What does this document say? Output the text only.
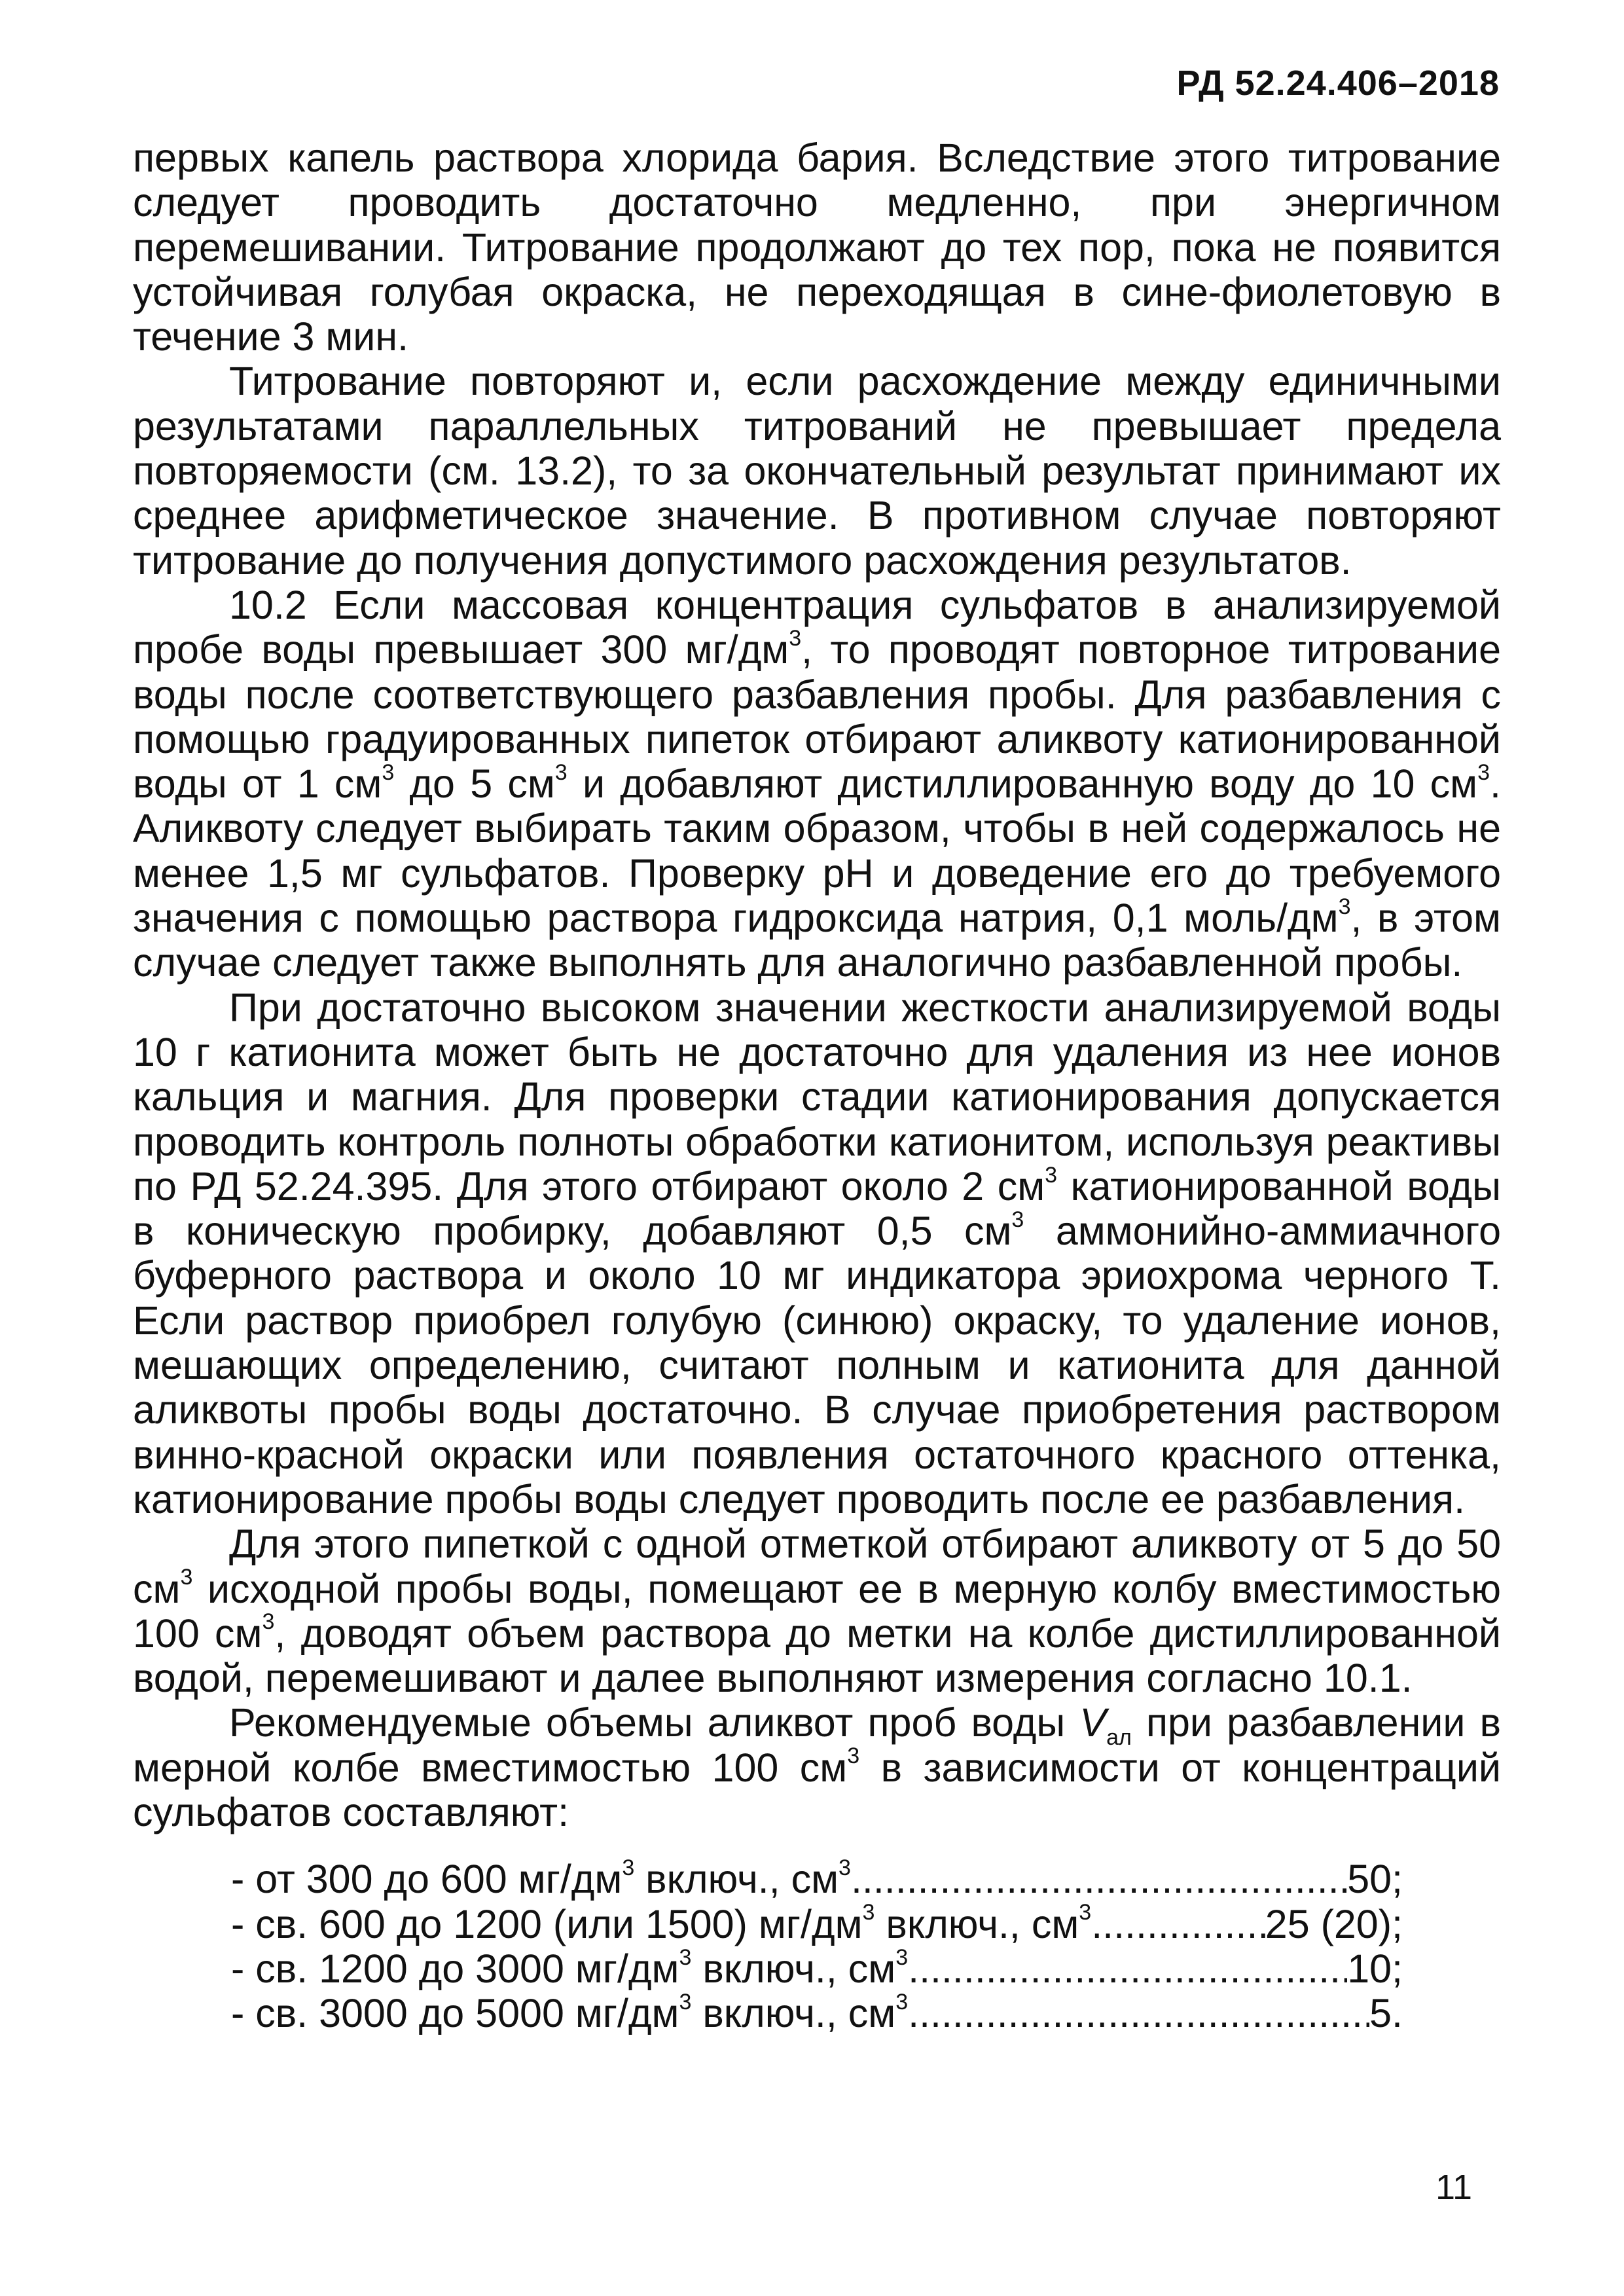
РД 52.24.406–2018

первых капель раствора хлорида бария. Вследствие этого титрование следует проводить достаточно медленно, при энергичном перемешивании. Титрование продолжают до тех пор, пока не появится устойчивая голубая окраска, не переходящая в сине-фиолетовую в течение 3 мин.

Титрование повторяют и, если расхождение между единичными результатами параллельных титрований не превышает предела повторяемости (см. 13.2), то за окончательный результат принимают их среднее арифметическое значение. В противном случае повторяют титрование до получения допустимого расхождения результатов.

10.2 Если массовая концентрация сульфатов в анализируемой пробе воды превышает 300 $мг/дм^3$, то проводят повторное титрование воды после соответствующего разбавления пробы. Для разбавления с помощью градуированных пипеток отбирают аликвоту катионированной воды от 1 $см^3$ до 5 $см^3$ и добавляют дистиллированную воду до 10 $см^3$. Аликвоту следует выбирать таким образом, чтобы в ней содержалось не менее 1,5 мг сульфатов. Проверку pH и доведение его до требуемого значения с помощью раствора гидроксида натрия, 0,1 моль/$дм^3$, в этом случае следует также выполнять для аналогично разбавленной пробы.

При достаточно высоком значении жесткости анализируемой воды 10 г катионита может быть не достаточно для удаления из нее ионов кальция и магния. Для проверки стадии катионирования допускается проводить контроль полноты обработки катионитом, используя реактивы по РД 52.24.395. Для этого отбирают около 2 $см^3$ катионированной воды в коническую пробирку, добавляют 0,5 $см^3$ аммонийно-аммиачного буферного раствора и около 10 мг индикатора эриохрома черного Т. Если раствор приобрел голубую (синюю) окраску, то удаление ионов, мешающих определению, считают полным и катионита для данной аликвоты пробы воды достаточно. В случае приобретения раствором винно-красной окраски или появления остаточного красного оттенка, катионирование пробы воды следует проводить после ее разбавления.

Для этого пипеткой с одной отметкой отбирают аликвоту от 5 до 50 $см^3$ исходной пробы воды, помещают ее в мерную колбу вместимостью 100 $см^3$, доводят объем раствора до метки на колбе дистиллированной водой, перемешивают и далее выполняют измерения согласно 10.1.

Рекомендуемые объемы аликвот проб воды $V_{ал}$ при разбавлении в мерной колбе вместимостью 100 $см^3$ в зависимости от концентраций сульфатов составляют:

- от 300 до 600 $мг/дм^3$ включ., $см^3$ .....	50;
- св. 600 до 1200 (или 1500) $мг/дм^3$ включ., $см^3$ .....	25 (20);
- св. 1200 до 3000 $мг/дм^3$ включ., $см^3$ .....	10;
- св. 3000 до 5000 $мг/дм^3$ включ., $см^3$ .....	5.
11
